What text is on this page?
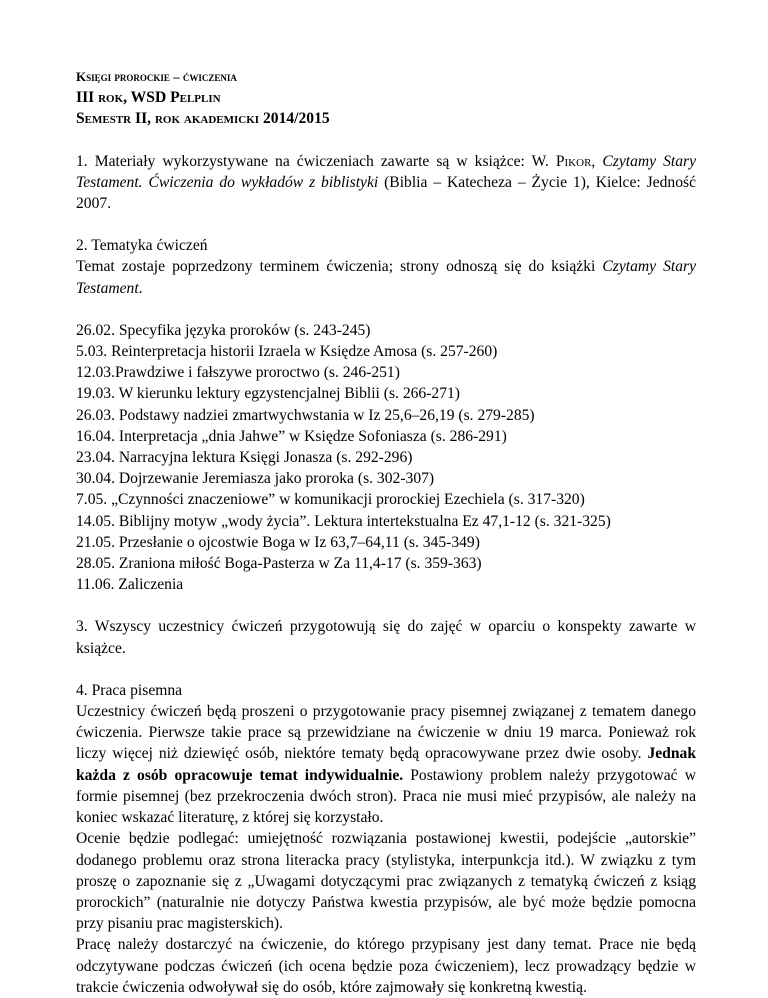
Księgi prorockie – ćwiczenia

III rok, WSD Pelplin

Semestr II, rok akademicki 2014/2015

1. Materiały wykorzystywane na ćwiczeniach zawarte są w książce: W. Pikor, Czytamy Stary Testament. Ćwiczenia do wykładów z biblistyki (Biblia – Katecheza – Życie 1), Kielce: Jedność 2007.

2. Tematyka ćwiczeń

Temat zostaje poprzedzony terminem ćwiczenia; strony odnoszą się do książki Czytamy Stary Testament.

26.02. Specyfika języka proroków (s. 243-245)

5.03. Reinterpretacja historii Izraela w Księdze Amosa (s. 257-260)

12.03.Prawdziwe i fałszywe proroctwo (s. 246-251)

19.03. W kierunku lektury egzystencjalnej Biblii (s. 266-271)

26.03. Podstawy nadziei zmartwychwstania w Iz 25,6–26,19 (s. 279-285)

16.04. Interpretacja „dnia Jahwe” w Księdze Sofoniasza (s. 286-291)

23.04. Narracyjna lektura Księgi Jonasza (s. 292-296)

30.04. Dojrzewanie Jeremiasza jako proroka (s. 302-307)

7.05. „Czynności znaczeniowe” w komunikacji prorockiej Ezechiela (s. 317-320)

14.05. Biblijny motyw „wody życia”. Lektura intertekstualna Ez 47,1-12 (s. 321-325)

21.05. Przesłanie o ojcostwie Boga w Iz 63,7–64,11 (s. 345-349)

28.05. Zraniona miłość Boga-Pasterza w Za 11,4-17 (s. 359-363)

11.06. Zaliczenia

3. Wszyscy uczestnicy ćwiczeń przygotowują się do zajęć w oparciu o konspekty zawarte w książce.

4. Praca pisemna

Uczestnicy ćwiczeń będą proszeni o przygotowanie pracy pisemnej związanej z tematem danego ćwiczenia. Pierwsze takie prace są przewidziane na ćwiczenie w dniu 19 marca. Ponieważ rok liczy więcej niż dziewięć osób, niektóre tematy będą opracowywane przez dwie osoby. Jednak każda z osób opracowuje temat indywidualnie. Postawiony problem należy przygotować w formie pisemnej (bez przekroczenia dwóch stron). Praca nie musi mieć przypisów, ale należy na koniec wskazać literaturę, z której się korzystało.

Ocenie będzie podlegać: umiejętność rozwiązania postawionej kwestii, podejście „autorskie” dodanego problemu oraz strona literacka pracy (stylistyka, interpunkcja itd.). W związku z tym proszę o zapoznanie się z „Uwagami dotyczącymi prac związanych z tematyką ćwiczeń z ksiąg prorockich” (naturalnie nie dotyczy Państwa kwestia przypisów, ale być może będzie pomocna przy pisaniu prac magisterskich).

Pracę należy dostarczyć na ćwiczenie, do którego przypisany jest dany temat. Prace nie będą odczytywane podczas ćwiczeń (ich ocena będzie poza ćwiczeniem), lecz prowadzący będzie w trakcie ćwiczenia odwoływał się do osób, które zajmowały się konkretną kwestią.
